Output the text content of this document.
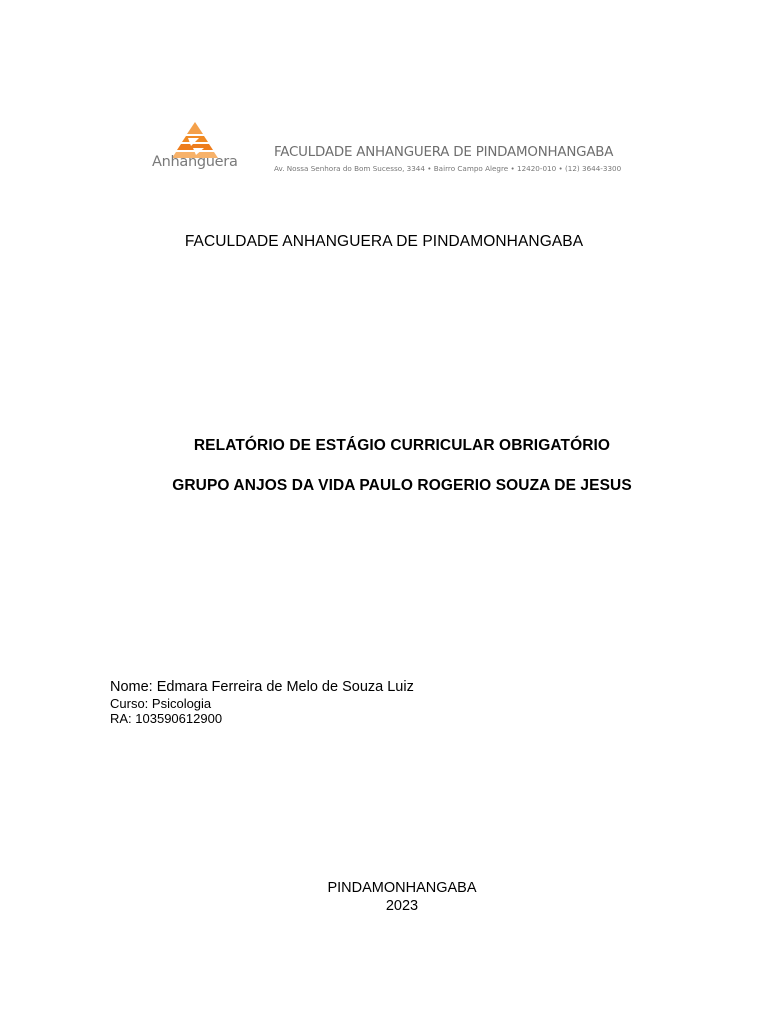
Anhanguera
FACULDADE ANHANGUERA DE PINDAMONHANGABA
Av. Nossa Senhora do Bom Sucesso, 3344 • Bairro Campo Alegre • 12420-010 • (12) 3644-3300
FACULDADE ANHANGUERA DE PINDAMONHANGABA
RELATÓRIO DE ESTÁGIO CURRICULAR OBRIGATÓRIO
GRUPO ANJOS DA VIDA PAULO ROGERIO SOUZA DE JESUS
Nome: Edmara Ferreira de Melo de Souza Luiz
Curso: Psicologia
RA: 103590612900
PINDAMONHANGABA
2023
